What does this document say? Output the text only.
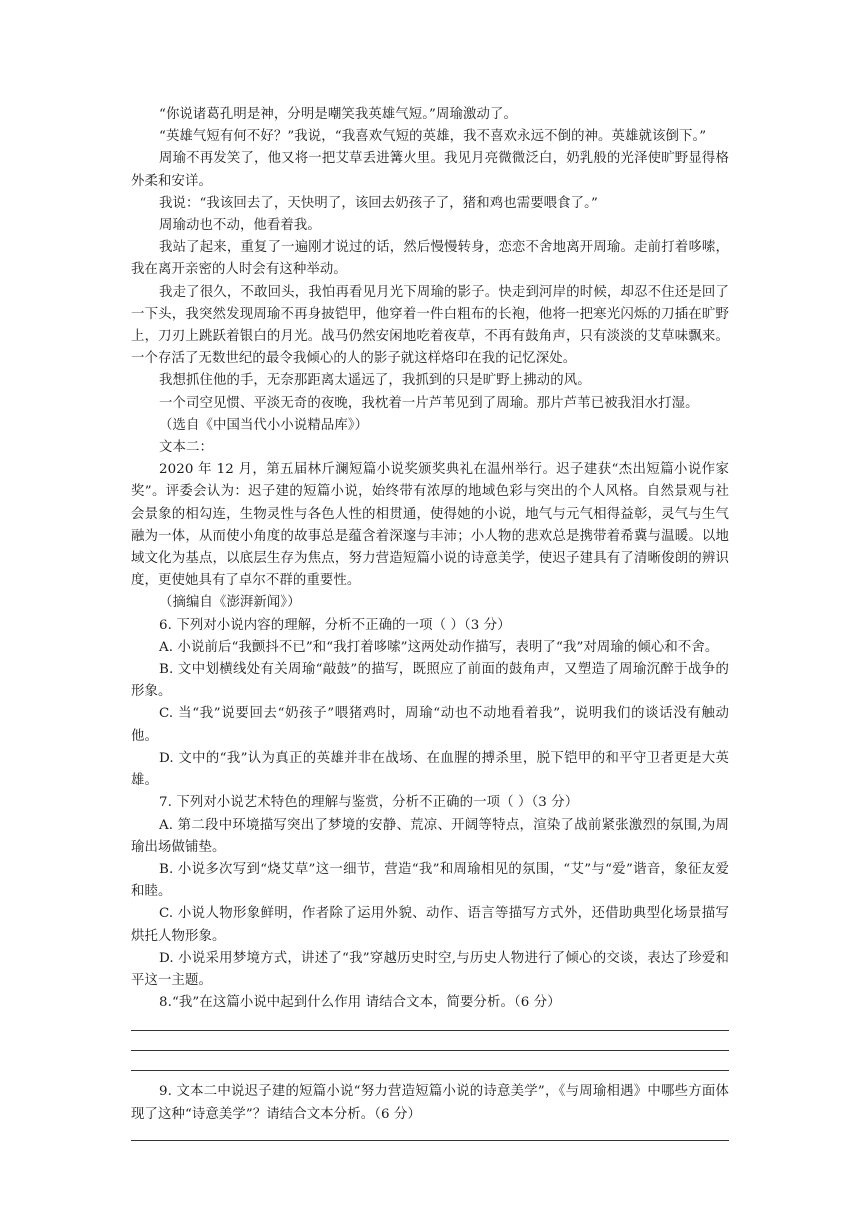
“你说诸葛孔明是神，分明是嘲笑我英雄气短。”周瑜激动了。

“英雄气短有何不好？”我说，“我喜欢气短的英雄，我不喜欢永远不倒的神。英雄就该倒下。”

周瑜不再发笑了，他又将一把艾草丢进篝火里。我见月亮微微泛白，奶乳般的光泽使旷野显得格外柔和安详。

我说：“我该回去了，天快明了，该回去奶孩子了，猪和鸡也需要喂食了。”

周瑜动也不动，他看着我。

我站了起来，重复了一遍刚才说过的话，然后慢慢转身，恋恋不舍地离开周瑜。走前打着哆嗦，我在离开亲密的人时会有这种举动。

我走了很久，不敢回头，我怕再看见月光下周瑜的影子。快走到河岸的时候，却忍不住还是回了一下头，我突然发现周瑜不再身披铠甲，他穿着一件白粗布的长袍，他将一把寒光闪烁的刀插在旷野上，刀刃上跳跃着银白的月光。战马仍然安闲地吃着夜草，不再有鼓角声，只有淡淡的艾草味飘来。一个存活了无数世纪的最令我倾心的人的影子就这样烙印在我的记忆深处。

我想抓住他的手，无奈那距离太遥远了，我抓到的只是旷野上拂动的风。

一个司空见惯、平淡无奇的夜晚，我枕着一片芦苇见到了周瑜。那片芦苇已被我泪水打湿。

（选自《中国当代小小说精品库》）

文本二：

2020 年 12 月，第五届林斤澜短篇小说奖颁奖典礼在温州举行。迟子建获“杰出短篇小说作家奖”。评委会认为：迟子建的短篇小说，始终带有浓厚的地域色彩与突出的个人风格。自然景观与社会景象的相勾连，生物灵性与各色人性的相贯通，使得她的小说，地气与元气相得益彰，灵气与生气融为一体，从而使小角度的故事总是蕴含着深邃与丰沛；小人物的悲欢总是携带着希冀与温暖。以地域文化为基点，以底层生存为焦点，努力营造短篇小说的诗意美学，使迟子建具有了清晰俊朗的辨识度，更使她具有了卓尔不群的重要性。

（摘编自《澎湃新闻》）

6. 下列对小说内容的理解，分析不正确的一项（ ）（3 分）

A. 小说前后“我颤抖不已”和“我打着哆嗦”这两处动作描写，表明了“我”对周瑜的倾心和不舍。

B. 文中划横线处有关周瑜“敲鼓”的描写，既照应了前面的鼓角声，又塑造了周瑜沉醉于战争的形象。

C. 当“我”说要回去“奶孩子”喂猪鸡时，周瑜“动也不动地看着我”，说明我们的谈话没有触动他。

D. 文中的“我”认为真正的英雄并非在战场、在血腥的搏杀里，脱下铠甲的和平守卫者更是大英雄。

7. 下列对小说艺术特色的理解与鉴赏，分析不正确的一项（ ）（3 分）

A. 第二段中环境描写突出了梦境的安静、荒凉、开阔等特点，渲染了战前紧张激烈的氛围,为周瑜出场做铺垫。

B. 小说多次写到“烧艾草”这一细节，营造“我”和周瑜相见的氛围，“艾”与“爱”谐音，象征友爱和睦。

C. 小说人物形象鲜明，作者除了运用外貌、动作、语言等描写方式外，还借助典型化场景描写烘托人物形象。

D. 小说采用梦境方式，讲述了“我”穿越历史时空,与历史人物进行了倾心的交谈，表达了珍爱和平这一主题。

8.“我”在这篇小说中起到什么作用 请结合文本，简要分析。（6 分）

9. 文本二中说迟子建的短篇小说“努力营造短篇小说的诗意美学”，《与周瑜相遇》中哪些方面体现了这种“诗意美学”？请结合文本分析。（6 分）
